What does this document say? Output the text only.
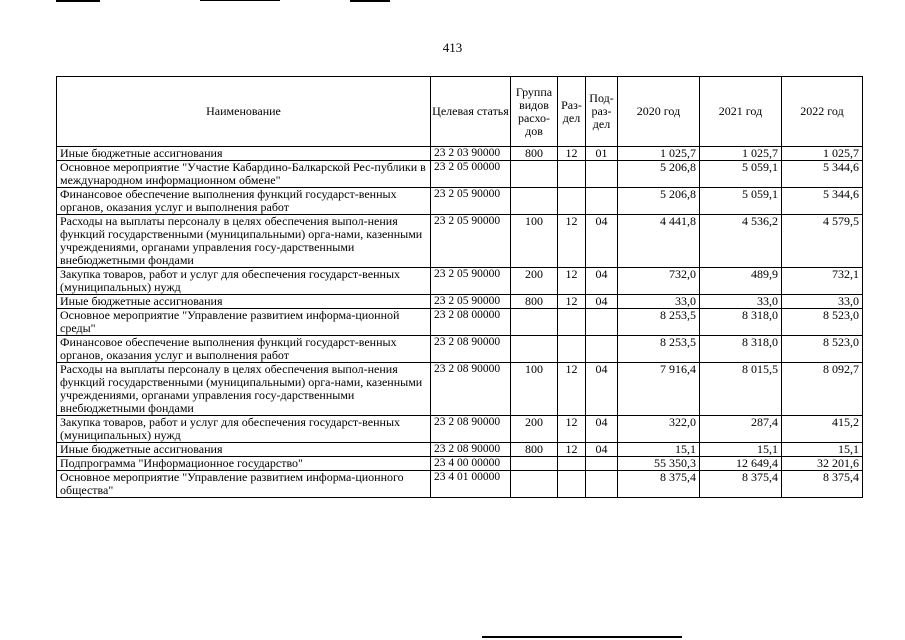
413
Наименование	Целевая статья	Группа видов расхо-дов	Раз-дел	Под-раз-дел	2020 год	2021 год	2022 год
Иные бюджетные ассигнования	23 2 03 90000	800	12	01	1 025,7	1 025,7	1 025,7
Основное мероприятие "Участие Кабардино-Балкарской Рес-публики в международном информационном обмене"	23 2 05 00000				5 206,8	5 059,1	5 344,6
Финансовое обеспечение выполнения функций государст-венных органов, оказания услуг и выполнения работ	23 2 05 90000				5 206,8	5 059,1	5 344,6
Расходы на выплаты персоналу в целях обеспечения выпол-нения функций государственными (муниципальными) орга-нами, казенными учреждениями, органами управления госу-дарственными внебюджетными фондами	23 2 05 90000	100	12	04	4 441,8	4 536,2	4 579,5
Закупка товаров, работ и услуг для обеспечения государст-венных (муниципальных) нужд	23 2 05 90000	200	12	04	732,0	489,9	732,1
Иные бюджетные ассигнования	23 2 05 90000	800	12	04	33,0	33,0	33,0
Основное мероприятие "Управление развитием информа-ционной среды"	23 2 08 00000				8 253,5	8 318,0	8 523,0
Финансовое обеспечение выполнения функций государст-венных органов, оказания услуг и выполнения работ	23 2 08 90000				8 253,5	8 318,0	8 523,0
Расходы на выплаты персоналу в целях обеспечения выпол-нения функций государственными (муниципальными) орга-нами, казенными учреждениями, органами управления госу-дарственными внебюджетными фондами	23 2 08 90000	100	12	04	7 916,4	8 015,5	8 092,7
Закупка товаров, работ и услуг для обеспечения государст-венных (муниципальных) нужд	23 2 08 90000	200	12	04	322,0	287,4	415,2
Иные бюджетные ассигнования	23 2 08 90000	800	12	04	15,1	15,1	15,1
Подпрограмма "Информационное государство"	23 4 00 00000				55 350,3	12 649,4	32 201,6
Основное мероприятие "Управление развитием информа-ционного общества"	23 4 01 00000				8 375,4	8 375,4	8 375,4
